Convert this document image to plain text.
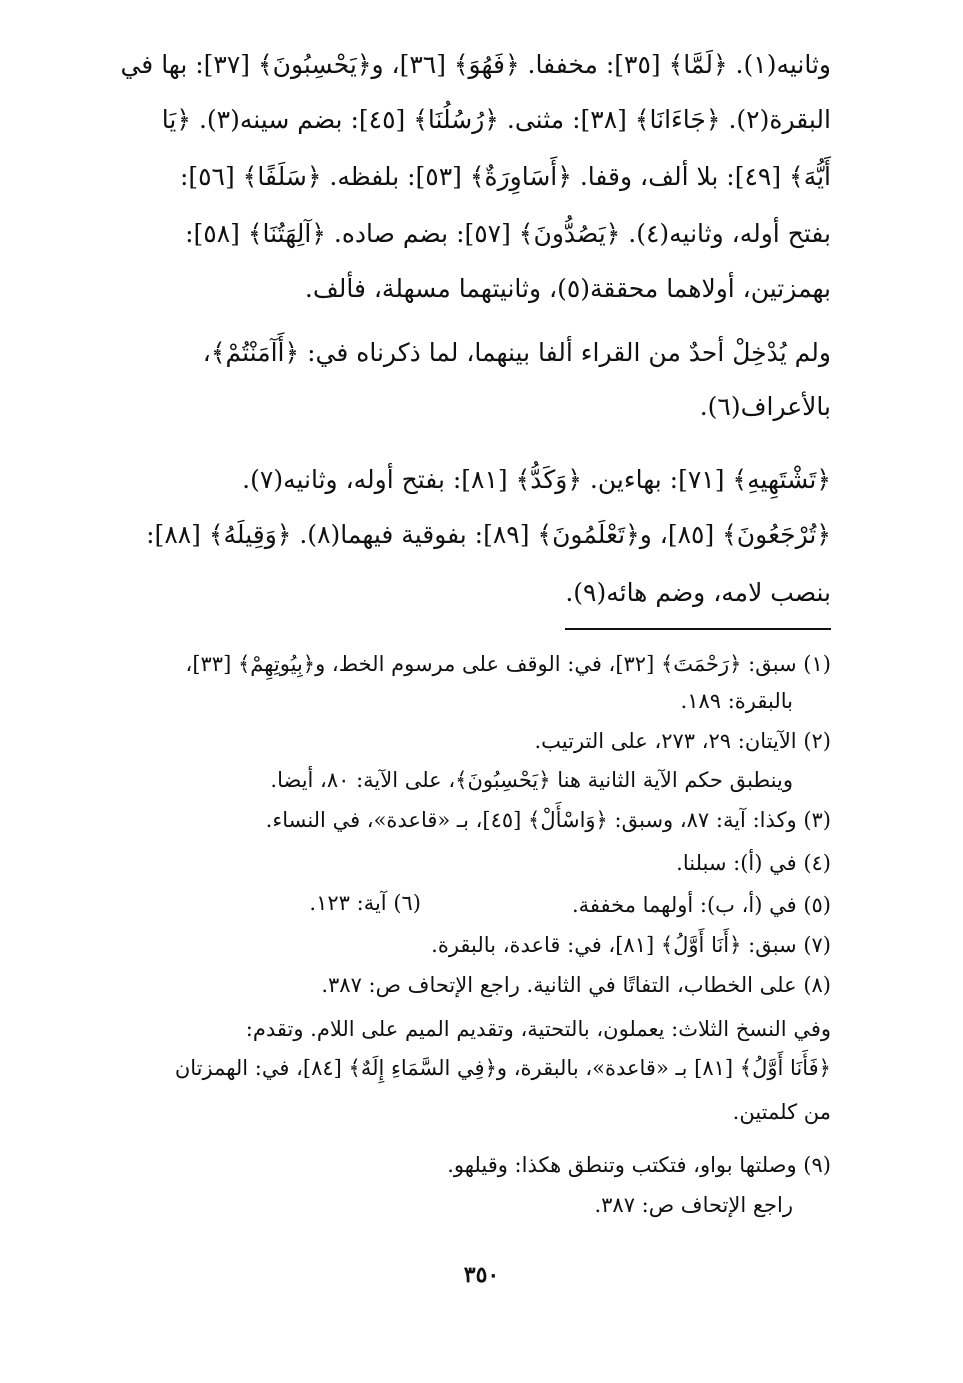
وثانيه(١). ﴿لَمَّا﴾ [٣٥]: مخففا. ﴿فَهُوَ﴾ [٣٦]، و﴿يَحْسِبُونَ﴾ [٣٧]: بها في
البقرة(٢). ﴿جَاءَانَا﴾ [٣٨]: مثنى. ﴿رُسُلُنَا﴾ [٤٥]: بضم سينه(٣). ﴿يَا
أَيُّهَ﴾ [٤٩]: بلا ألف، وقفا. ﴿أَسَاوِرَةٌ﴾ [٥٣]: بلفظه. ﴿سَلَفًا﴾ [٥٦]:
بفتح أوله، وثانيه(٤). ﴿يَصُدُّونَ﴾ [٥٧]: بضم صاده. ﴿آلِهَتُنَا﴾ [٥٨]:
بهمزتين، أولاهما محققة(٥)، وثانيتهما مسهلة، فألف.
ولم يُدْخِلْ أحدٌ من القراء ألفا بينهما، لما ذكرناه في: ﴿أَآمَنْتُمْ﴾،
بالأعراف(٦).
﴿تَشْتَهِيهِ﴾ [٧١]: بهاءين. ﴿وَكَدُّ﴾ [٨١]: بفتح أوله، وثانيه(٧).
﴿تُرْجَعُونَ﴾ [٨٥]، و﴿تَعْلَمُونَ﴾ [٨٩]: بفوقية فيهما(٨). ﴿وَقِيلَهُ﴾ [٨٨]:
بنصب لامه، وضم هائه(٩).
(١) سبق: ﴿رَحْمَتَ﴾ [٣٢]، في: الوقف على مرسوم الخط، و﴿بِيُوتِهِمْ﴾ [٣٣]،
بالبقرة: ١٨٩.
(٢) الآيتان: ٢٩، ٢٧٣، على الترتيب.
وينطبق حكم الآية الثانية هنا ﴿يَحْسِبُونَ﴾، على الآية: ٨٠، أيضا.
(٣) وكذا: آية: ٨٧، وسبق: ﴿وَاسْأَلْ﴾ [٤٥]، بـ «قاعدة»، في النساء.
(٤) في (أ): سبلنا.
(٥) في (أ، ب): أولهما مخففة.
(٦) آية: ١٢٣.
(٧) سبق: ﴿أَنَا أَوَّلُ﴾ [٨١]، في: قاعدة، بالبقرة.
(٨) على الخطاب، التفاتًا في الثانية. راجع الإتحاف ص: ٣٨٧.
وفي النسخ الثلاث: يعملون، بالتحتية، وتقديم الميم على اللام. وتقدم:
﴿فَأَنَا أَوَّلُ﴾ [٨١] بـ «قاعدة»، بالبقرة، و﴿فِي السَّمَاءِ إِلَهٌ﴾ [٨٤]، في: الهمزتان
من كلمتين.
(٩) وصلتها بواو، فتكتب وتنطق هكذا: وقيلهو.
راجع الإتحاف ص: ٣٨٧.
٣٥٠
